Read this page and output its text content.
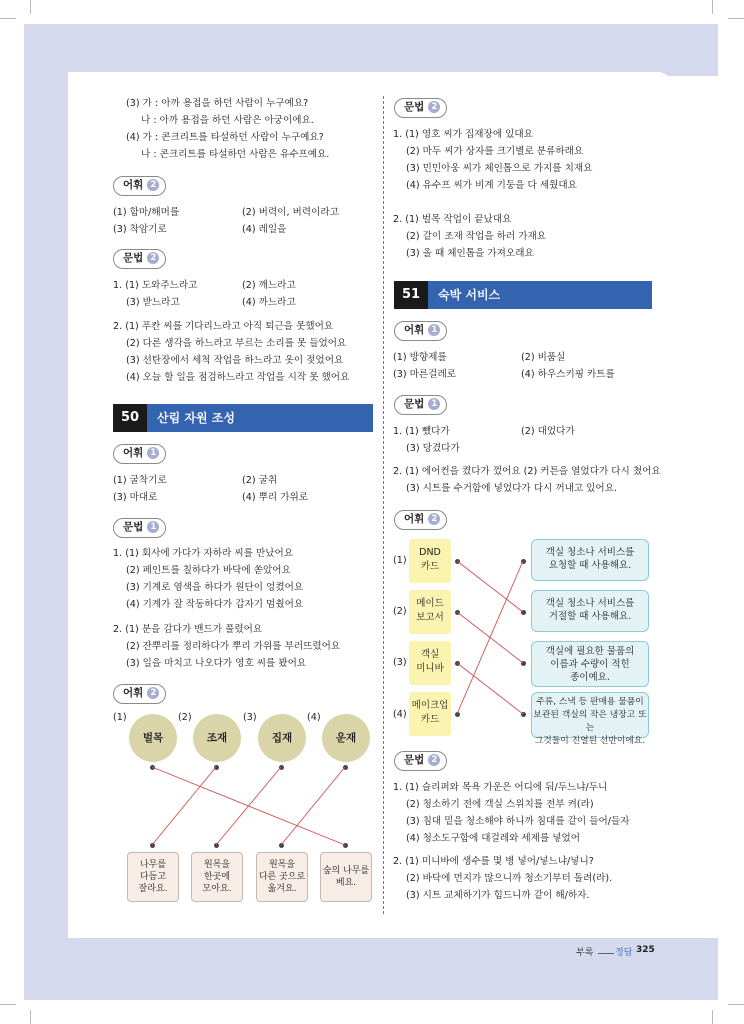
(3) 가 : 아까 용접을 하던 사람이 누구예요?
나 : 아까 용접을 하던 사람은 아궁이에요.
(4) 가 : 콘크리트를 타설하던 사람이 누구예요?
나 : 콘크리트를 타설하던 사람은 유수프예요.
어휘 2
(1) 함마/해머를	(2) 버력이, 버력이라고
(3) 착암기로	(4) 레일을
문법 2
1. (1) 도와주느라고	(2) 깨느라고
(3) 받느라고	(4) 까느라고
2. (1) 푸칸 씨를 기다리느라고 아직 퇴근을 못했어요
(2) 다른 생각을 하느라고 부르는 소리를 못 들었어요
(3) 선탄장에서 세척 작업을 하느라고 옷이 젖었어요
(4) 오늘 할 일을 점검하느라고 작업을 시작 못 했어요
50	산림 자원 조성
어휘 1
(1) 굴착기로	(2) 굴취
(3) 마대로	(4) 뿌리 가위로
문법 1
1. (1) 회사에 가다가 자하라 씨를 만났어요
(2) 페인트를 칠하다가 바닥에 쏟았어요
(3) 기계로 염색을 하다가 원단이 엉켰어요
(4) 기계가 잘 작동하다가 갑자기 멈췄어요
2. (1) 분을 감다가 밴드가 풀렸어요
(2) 잔뿌리를 정리하다가 뿌리 가위를 부러뜨렸어요
(3) 일을 마치고 나오다가 영호 씨를 봤어요
어휘 2
(1)	(2)	(3)	(4)
벌목	조재	집재	운재
나무를
다듬고
잘라요.
원목을
한곳에
모아요.
원목을
다른 곳으로
옮겨요.
숲의 나무를
베요.
문법 2
1. (1) 영호 씨가 집재장에 있대요
(2) 마두 씨가 상자를 크기별로 분류하래요
(3) 민민아웅 씨가 체인톱으로 가지를 치재요
(4) 유수프 씨가 비계 기둥을 다 세웠대요
2. (1) 벌목 작업이 끝났대요
(2) 같이 조재 작업을 하러 가재요
(3) 올 때 체인톱을 가져오래요
51	숙박 서비스
어휘 1
(1) 방향제를	(2) 비품실
(3) 마른걸레로	(4) 하우스키핑 카트를
문법 1
1. (1) 뺐다가	(2) 대었다가
(3) 당겼다가
2. (1) 에어컨을 켰다가 껐어요 (2) 커튼을 열었다가 다시 쳤어요
(3) 시트를 수거함에 넣었다가 다시 꺼내고 있어요.
어휘 2
(1)
(2)
(3)
(4)
DND
카드
메이드
보고서
객실
미니바
메이크업
카드
객실 청소나 서비스를
요청할 때 사용해요.
객실 청소나 서비스를
거절할 때 사용해요.
객실에 필요한 물품의
이름과 수량이 적힌
종이예요.
주류, 스낵 등 판매용 물품이
보관된 객실의 작은 냉장고 또는
그것들이 진열된 선반이에요.
문법 2
1. (1) 슬리퍼와 목욕 가운은 어디에 둬/두느냐/두니
(2) 청소하기 전에 객실 스위치를 전부 켜(라)
(3) 침대 밑을 청소해야 하니까 침대를 같이 들어/들자
(4) 청소도구함에 대걸레와 세제를 넣었어
2. (1) 미니바에 생수를 몇 병 넣어/넣느냐/넣니?
(2) 바닥에 먼지가 많으니까 청소기부터 돌려(라).
(3) 시트 교체하기가 힘드니까 같이 해/하자.
부록 정답 325
